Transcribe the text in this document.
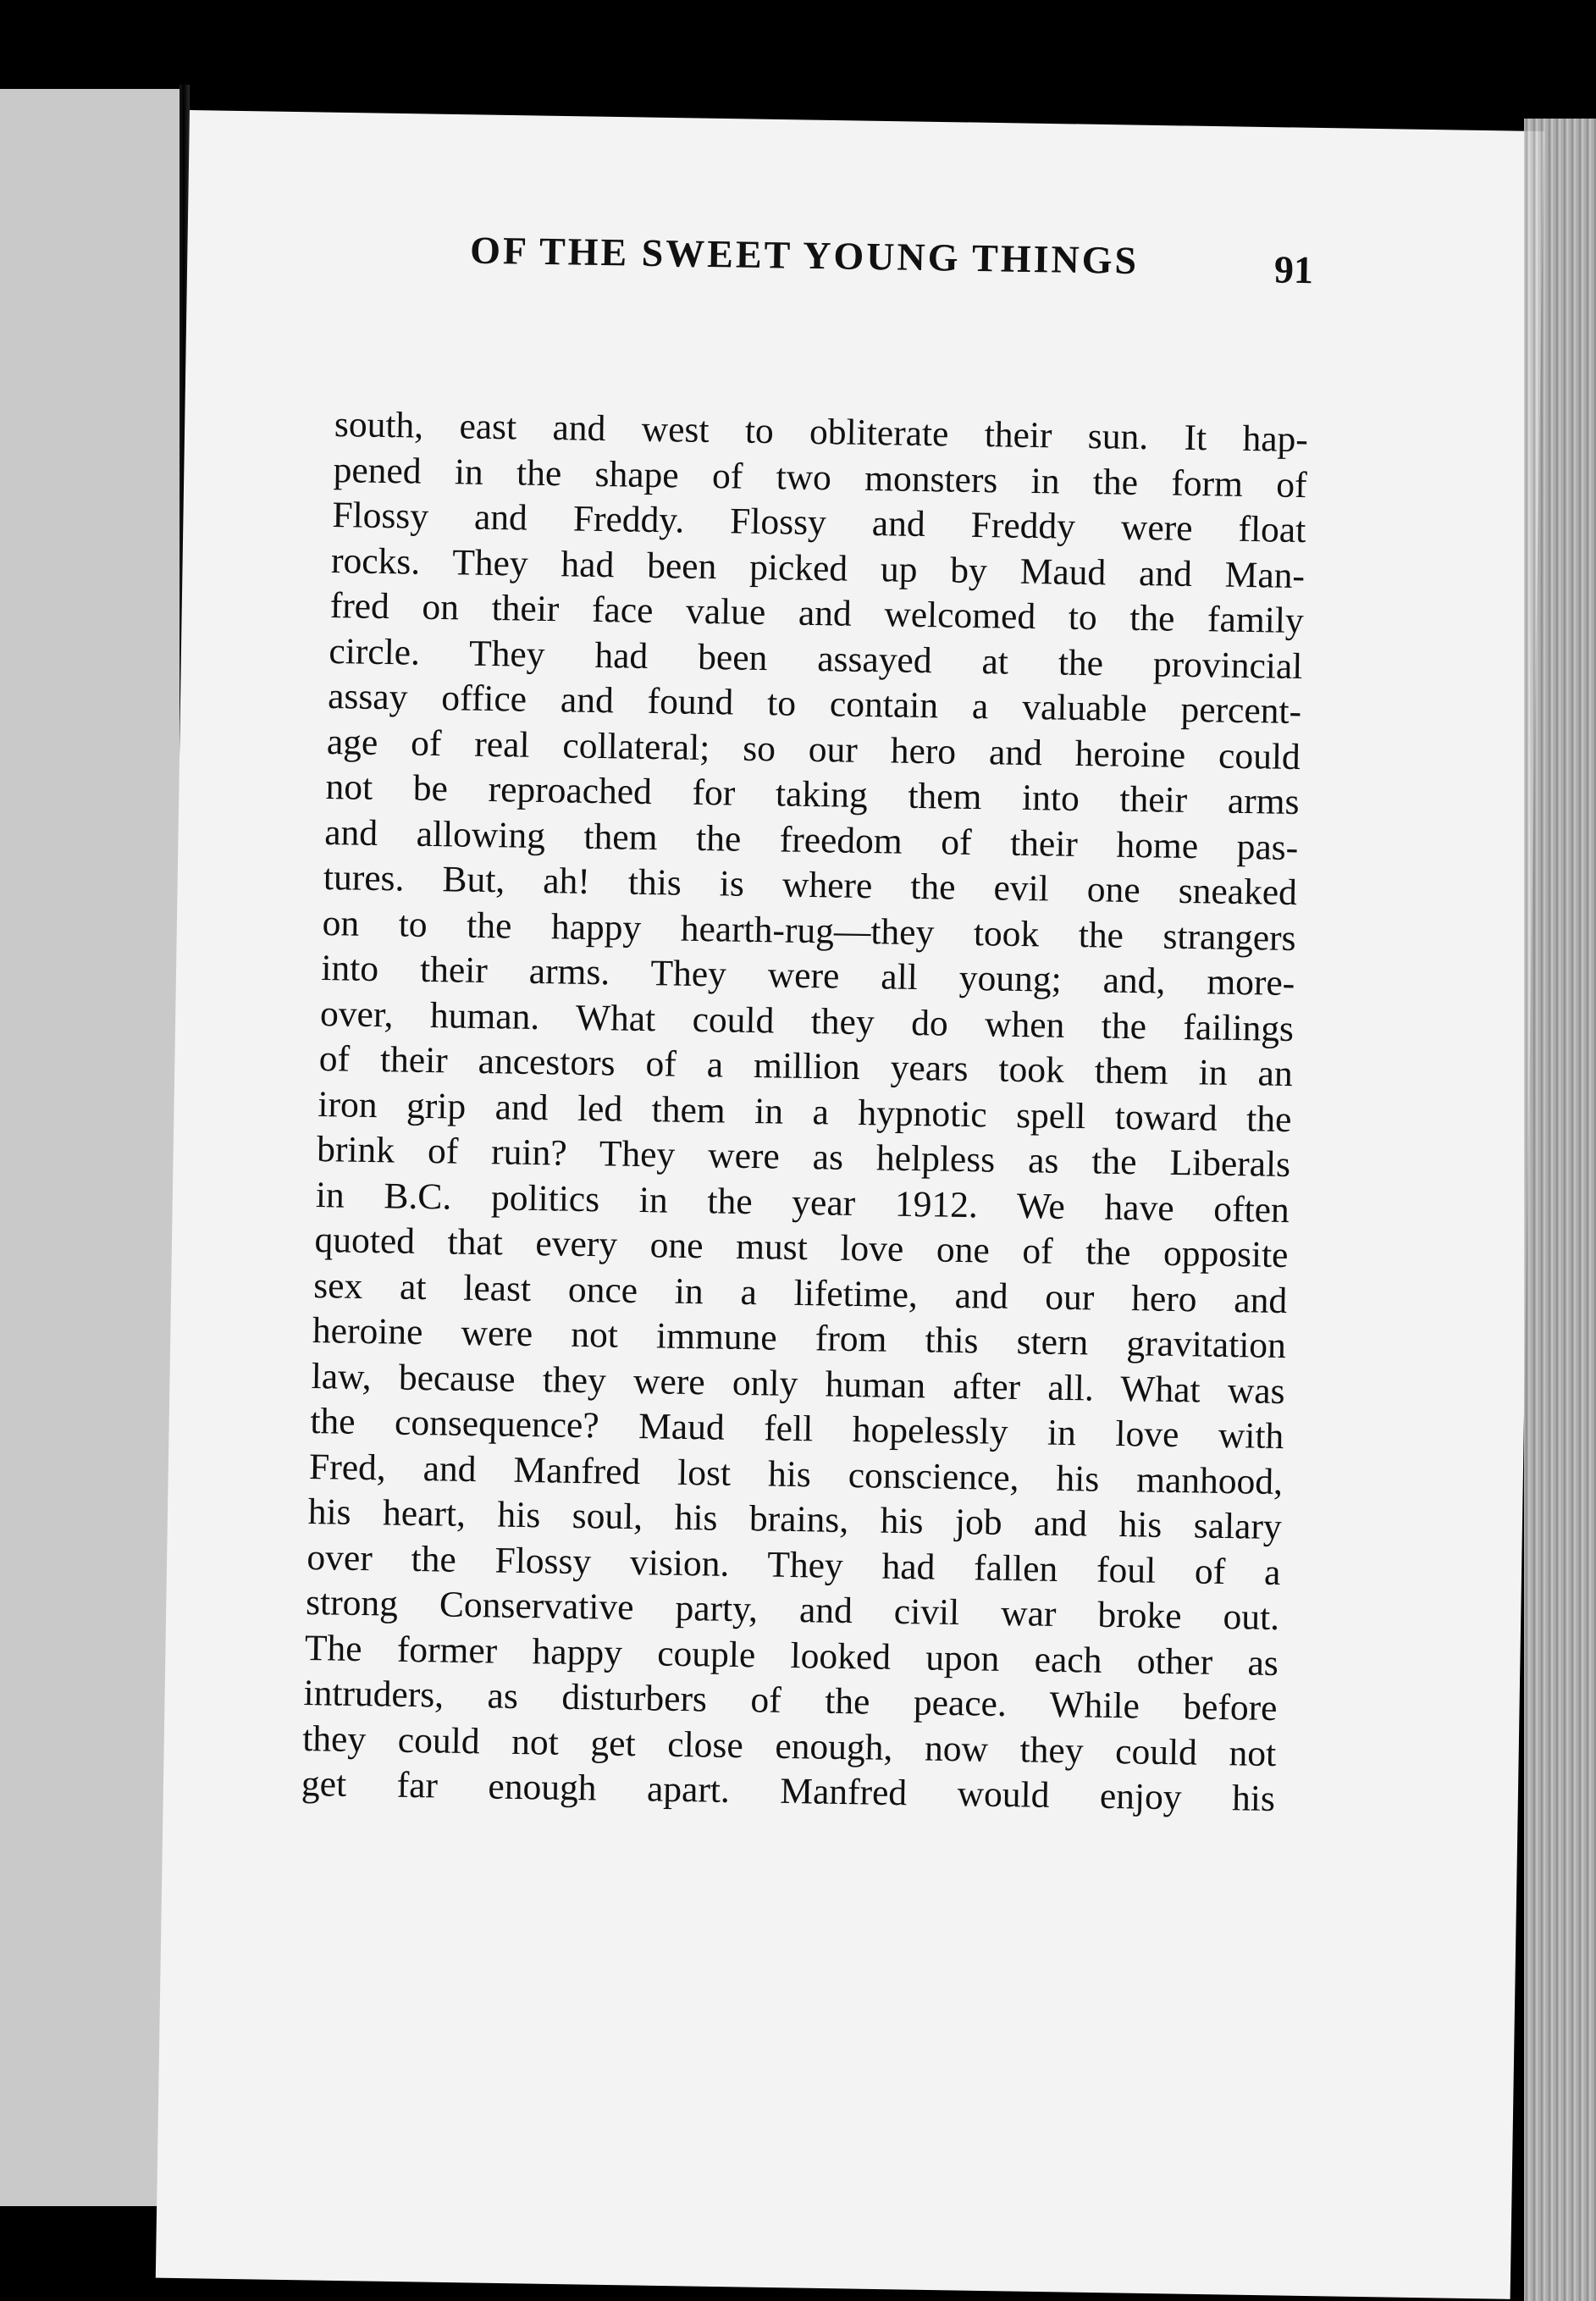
OF THE SWEET YOUNG THINGS	91
south, east and west to obliterate their sun. It hap-
pened in the shape of two monsters in the form of
Flossy and Freddy. Flossy and Freddy were float
rocks. They had been picked up by Maud and Man-
fred on their face value and welcomed to the family
circle. They had been assayed at the provincial
assay office and found to contain a valuable percent-
age of real collateral; so our hero and heroine could
not be reproached for taking them into their arms
and allowing them the freedom of their home pas-
tures. But, ah! this is where the evil one sneaked
on to the happy hearth-rug—they took the strangers
into their arms. They were all young; and, more-
over, human. What could they do when the failings
of their ancestors of a million years took them in an
iron grip and led them in a hypnotic spell toward the
brink of ruin? They were as helpless as the Liberals
in B.C. politics in the year 1912. We have often
quoted that every one must love one of the opposite
sex at least once in a lifetime, and our hero and
heroine were not immune from this stern gravitation
law, because they were only human after all. What was
the consequence? Maud fell hopelessly in love with
Fred, and Manfred lost his conscience, his manhood,
his heart, his soul, his brains, his job and his salary
over the Flossy vision. They had fallen foul of a
strong Conservative party, and civil war broke out.
The former happy couple looked upon each other as
intruders, as disturbers of the peace. While before
they could not get close enough, now they could not
get far enough apart. Manfred would enjoy his
